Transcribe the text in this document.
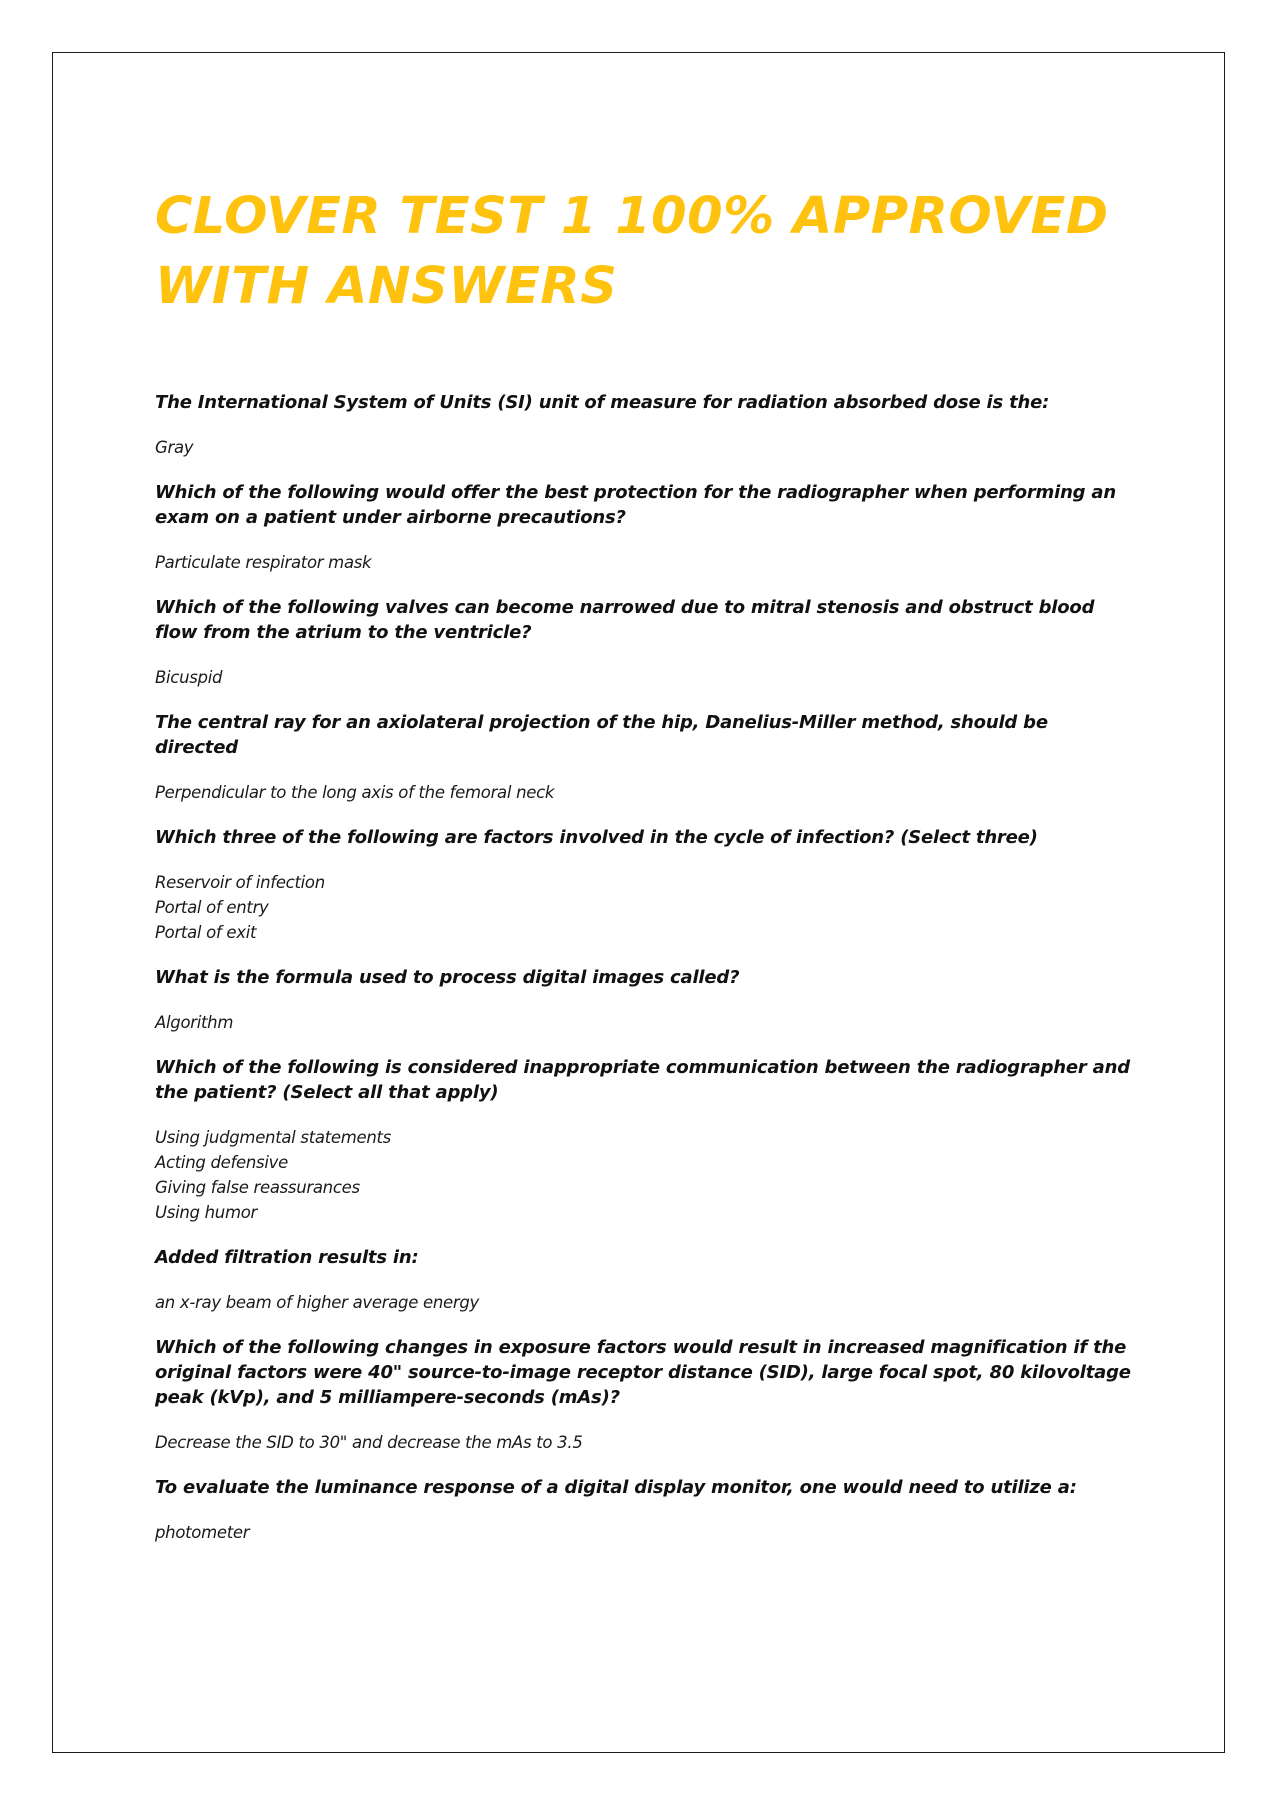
CLOVER TEST 1 100% APPROVED WITH ANSWERS

The International System of Units (SI) unit of measure for radiation absorbed dose is the:

Gray

Which of the following would offer the best protection for the radiographer when performing an exam on a patient under airborne precautions?

Particulate respirator mask

Which of the following valves can become narrowed due to mitral stenosis and obstruct blood flow from the atrium to the ventricle?

Bicuspid

The central ray for an axiolateral projection of the hip, Danelius-Miller method, should be directed

Perpendicular to the long axis of the femoral neck

Which three of the following are factors involved in the cycle of infection? (Select three)

Reservoir of infection
Portal of entry
Portal of exit

What is the formula used to process digital images called?

Algorithm

Which of the following is considered inappropriate communication between the radiographer and the patient? (Select all that apply)

Using judgmental statements
Acting defensive
Giving false reassurances
Using humor

Added filtration results in:

an x-ray beam of higher average energy

Which of the following changes in exposure factors would result in increased magnification if the original factors were 40" source-to-image receptor distance (SID), large focal spot, 80 kilovoltage peak (kVp), and 5 milliampere-seconds (mAs)?

Decrease the SID to 30" and decrease the mAs to 3.5

To evaluate the luminance response of a digital display monitor, one would need to utilize a:

photometer
